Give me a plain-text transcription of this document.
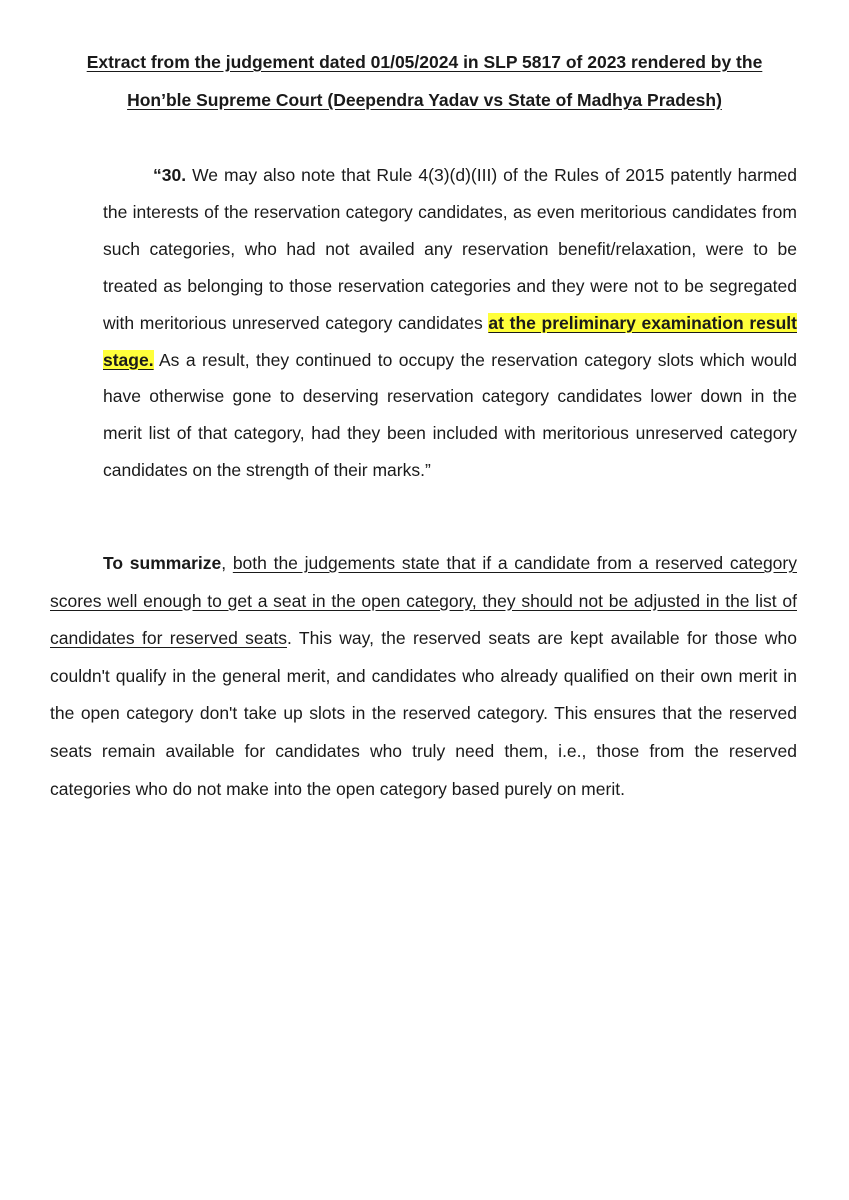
Extract from the judgement dated 01/05/2024 in SLP 5817 of 2023 rendered by the
Hon’ble Supreme Court (Deependra Yadav vs State of Madhya Pradesh)

“30. We may also note that Rule 4(3)(d)(III) of the Rules of 2015 patently harmed the interests of the reservation category candidates, as even meritorious candidates from such categories, who had not availed any reservation benefit/relaxation, were to be treated as belonging to those reservation categories and they were not to be segregated with meritorious unreserved category candidates at the preliminary examination result stage. As a result, they continued to occupy the reservation category slots which would have otherwise gone to deserving reservation category candidates lower down in the merit list of that category, had they been included with meritorious unreserved category candidates on the strength of their marks.”

To summarize, both the judgements state that if a candidate from a reserved category scores well enough to get a seat in the open category, they should not be adjusted in the list of candidates for reserved seats. This way, the reserved seats are kept available for those who couldn't qualify in the general merit, and candidates who already qualified on their own merit in the open category don't take up slots in the reserved category. This ensures that the reserved seats remain available for candidates who truly need them, i.e., those from the reserved categories who do not make into the open category based purely on merit.
